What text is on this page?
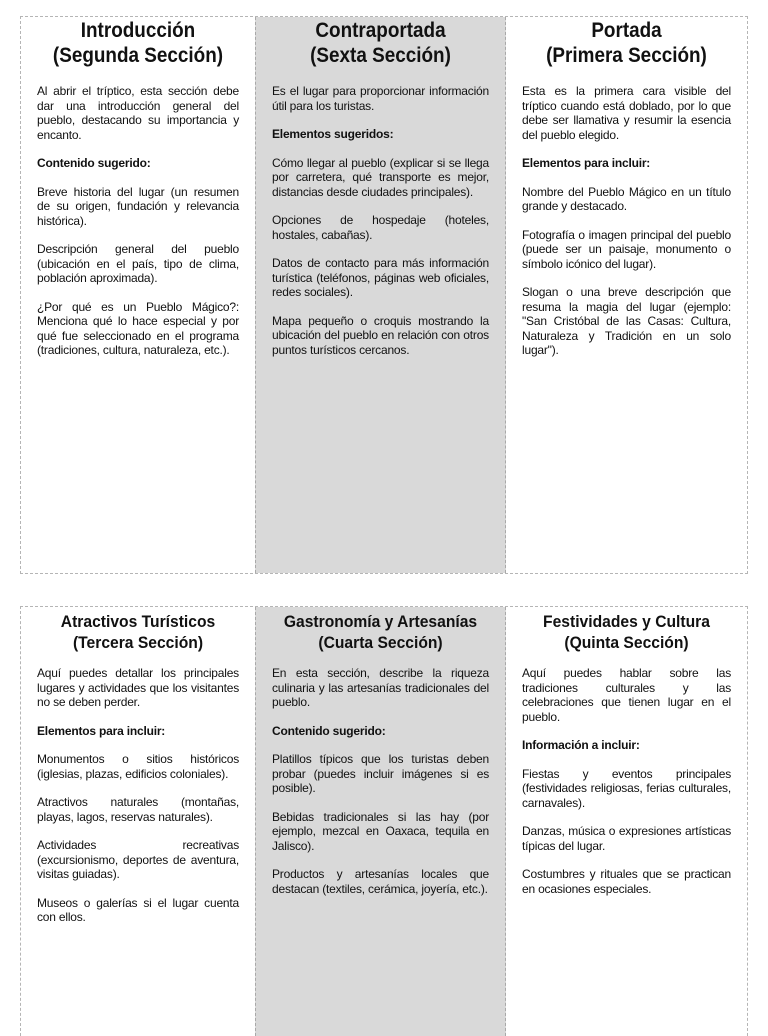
Introducción
(Segunda Sección)

Al abrir el tríptico, esta sección debe dar una introducción general del pueblo, destacando su importancia y encanto.

Contenido sugerido:

Breve historia del lugar (un resumen de su origen, fundación y relevancia histórica).

Descripción general del pueblo (ubicación en el país, tipo de clima, población aproximada).

¿Por qué es un Pueblo Mágico?: Menciona qué lo hace especial y por qué fue seleccionado en el programa (tradiciones, cultura, naturaleza, etc.).

Contraportada
(Sexta Sección)

Es el lugar para proporcionar información útil para los turistas.

Elementos sugeridos:

Cómo llegar al pueblo (explicar si se llega por carretera, qué transporte es mejor, distancias desde ciudades principales).

Opciones de hospedaje (hoteles, hostales, cabañas).

Datos de contacto para más información turística (teléfonos, páginas web oficiales, redes sociales).

Mapa pequeño o croquis mostrando la ubicación del pueblo en relación con otros puntos turísticos cercanos.

Portada
(Primera Sección)

Esta es la primera cara visible del tríptico cuando está doblado, por lo que debe ser llamativa y resumir la esencia del pueblo elegido.

Elementos para incluir:

Nombre del Pueblo Mágico en un título grande y destacado.

Fotografía o imagen principal del pueblo (puede ser un paisaje, monumento o símbolo icónico del lugar).

Slogan o una breve descripción que resuma la magia del lugar (ejemplo: "San Cristóbal de las Casas: Cultura, Naturaleza y Tradición en un solo lugar").

Atractivos Turísticos
(Tercera Sección)

Aquí puedes detallar los principales lugares y actividades que los visitantes no se deben perder.

Elementos para incluir:

Monumentos o sitios históricos (iglesias, plazas, edificios coloniales).

Atractivos naturales (montañas, playas, lagos, reservas naturales).

Actividades recreativas (excursionismo, deportes de aventura, visitas guiadas).

Museos o galerías si el lugar cuenta con ellos.

Gastronomía y Artesanías
(Cuarta Sección)

En esta sección, describe la riqueza culinaria y las artesanías tradicionales del pueblo.

Contenido sugerido:

Platillos típicos que los turistas deben probar (puedes incluir imágenes si es posible).

Bebidas tradicionales si las hay (por ejemplo, mezcal en Oaxaca, tequila en Jalisco).

Productos y artesanías locales que destacan (textiles, cerámica, joyería, etc.).

Festividades y Cultura
(Quinta Sección)

Aquí puedes hablar sobre las tradiciones culturales y las celebraciones que tienen lugar en el pueblo.

Información a incluir:

Fiestas y eventos principales (festividades religiosas, ferias culturales, carnavales).

Danzas, música o expresiones artísticas típicas del lugar.

Costumbres y rituales que se practican en ocasiones especiales.
